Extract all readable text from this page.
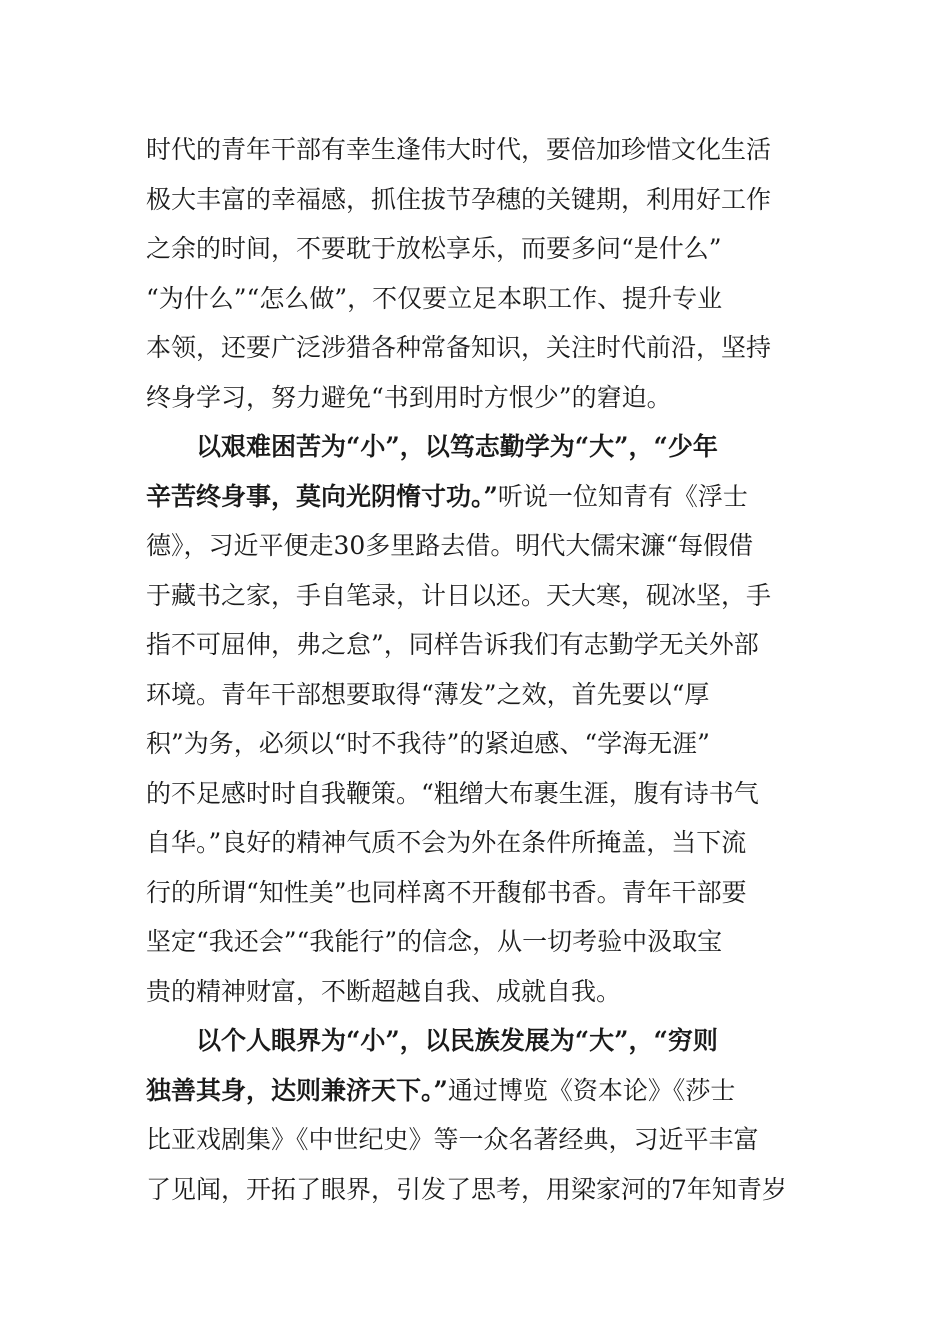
时代的青年干部有幸生逢伟大时代，要倍加珍惜文化生活
极大丰富的幸福感，抓住拔节孕穗的关键期，利用好工作
之余的时间，不要耽于放松享乐，而要多问“是什么”
“为什么”“怎么做”，不仅要立足本职工作、提升专业
本领，还要广泛涉猎各种常备知识，关注时代前沿，坚持
终身学习，努力避免“书到用时方恨少”的窘迫。
以艰难困苦为“小”，以笃志勤学为“大”，“少年
辛苦终身事，莫向光阴惰寸功。”听说一位知青有《浮士
德》，习近平便走30多里路去借。明代大儒宋濂“每假借
于藏书之家，手自笔录，计日以还。天大寒，砚冰坚，手
指不可屈伸，弗之怠”，同样告诉我们有志勤学无关外部
环境。青年干部想要取得“薄发”之效，首先要以“厚
积”为务，必须以“时不我待”的紧迫感、“学海无涯”
的不足感时时自我鞭策。“粗缯大布裹生涯，腹有诗书气
自华。”良好的精神气质不会为外在条件所掩盖，当下流
行的所谓“知性美”也同样离不开馥郁书香。青年干部要
坚定“我还会”“我能行”的信念，从一切考验中汲取宝
贵的精神财富，不断超越自我、成就自我。
以个人眼界为“小”，以民族发展为“大”，“穷则
独善其身，达则兼济天下。”通过博览《资本论》《莎士
比亚戏剧集》《中世纪史》等一众名著经典，习近平丰富
了见闻，开拓了眼界，引发了思考，用梁家河的7年知青岁
